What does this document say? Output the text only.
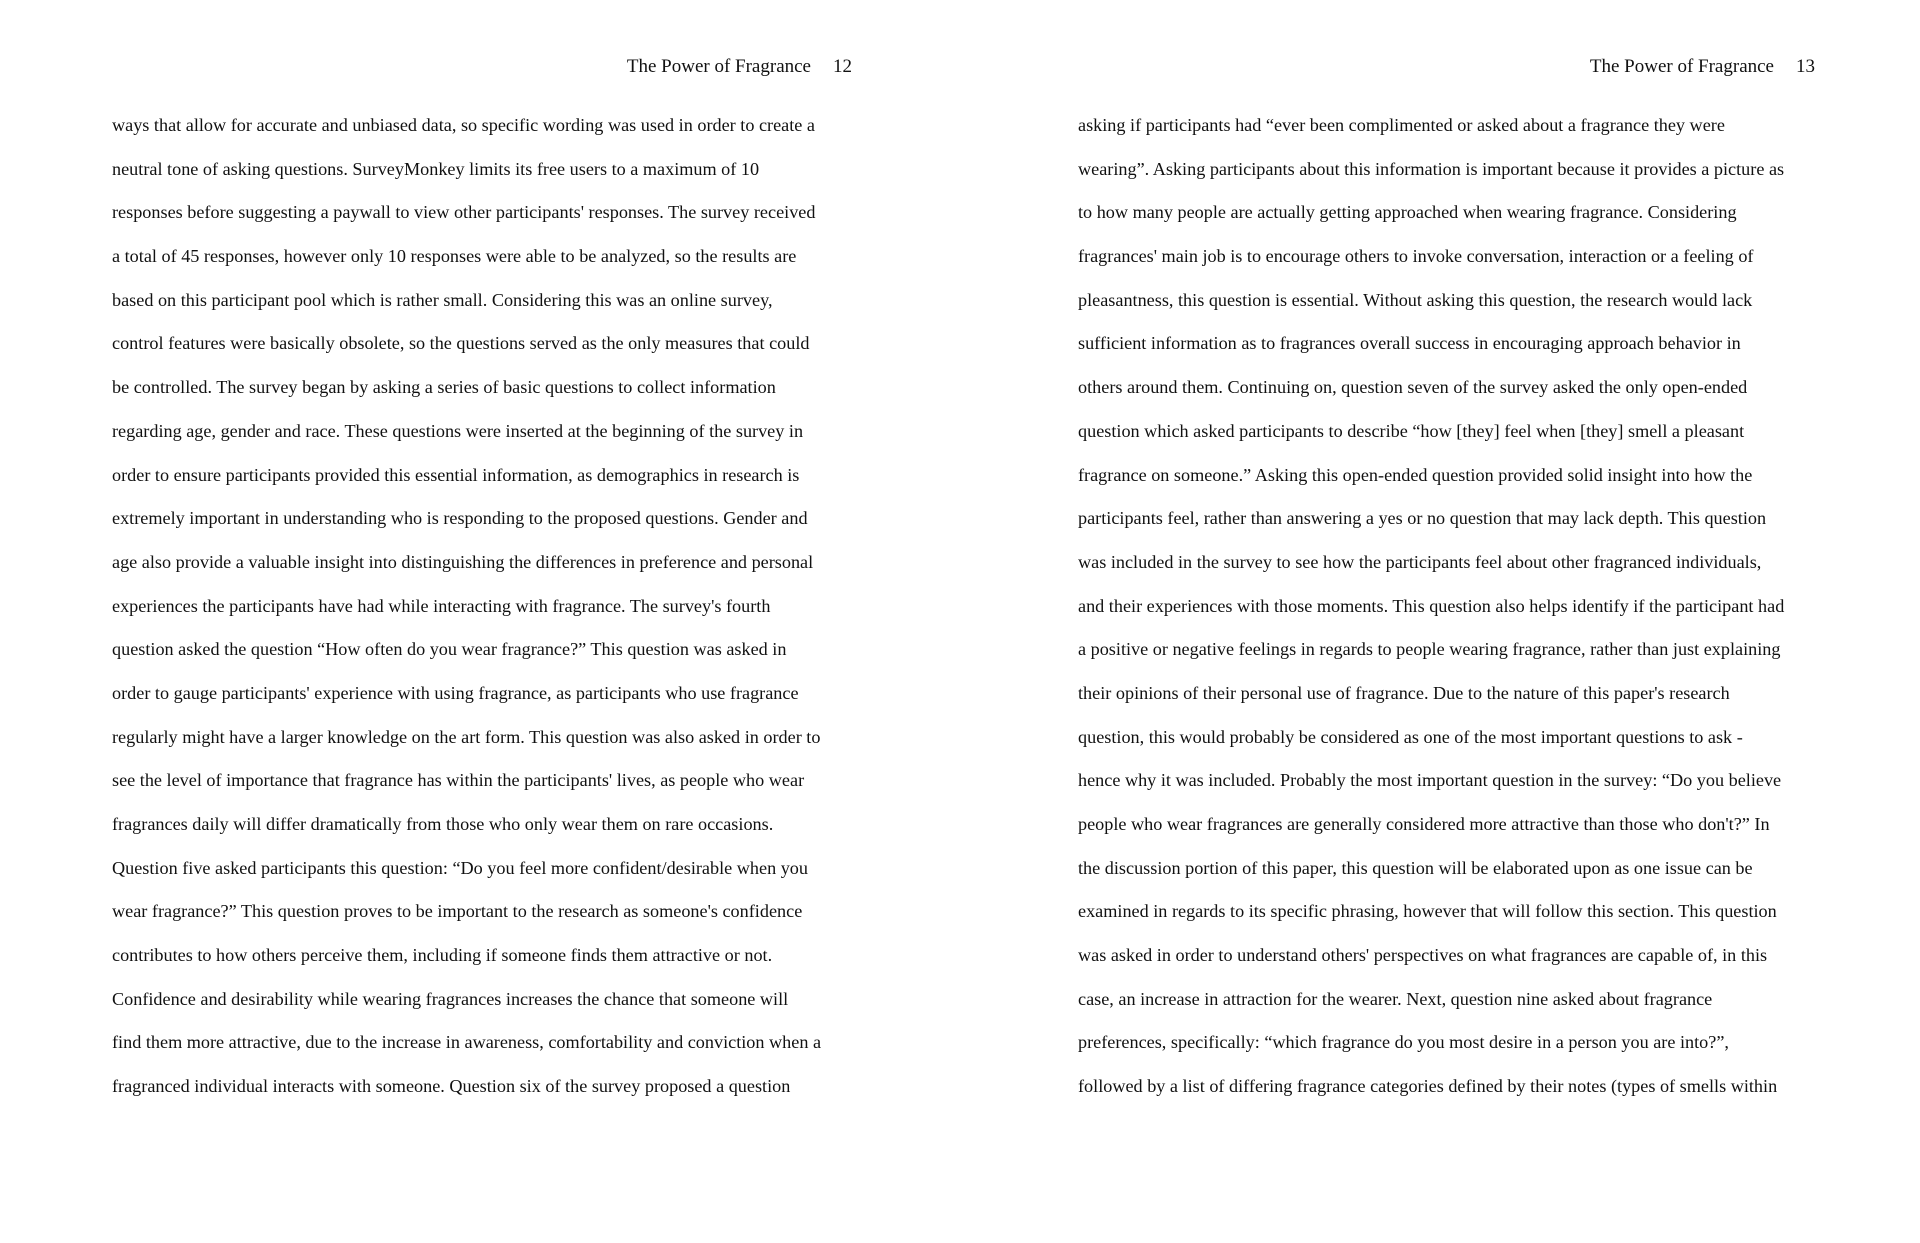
The Power of Fragrance 12
ways that allow for accurate and unbiased data, so specific wording was used in order to create a
neutral tone of asking questions. SurveyMonkey limits its free users to a maximum of 10
responses before suggesting a paywall to view other participants' responses. The survey received
a total of 45 responses, however only 10 responses were able to be analyzed, so the results are
based on this participant pool which is rather small. Considering this was an online survey,
control features were basically obsolete, so the questions served as the only measures that could
be controlled. The survey began by asking a series of basic questions to collect information
regarding age, gender and race. These questions were inserted at the beginning of the survey in
order to ensure participants provided this essential information, as demographics in research is
extremely important in understanding who is responding to the proposed questions. Gender and
age also provide a valuable insight into distinguishing the differences in preference and personal
experiences the participants have had while interacting with fragrance. The survey's fourth
question asked the question “How often do you wear fragrance?” This question was asked in
order to gauge participants' experience with using fragrance, as participants who use fragrance
regularly might have a larger knowledge on the art form. This question was also asked in order to
see the level of importance that fragrance has within the participants' lives, as people who wear
fragrances daily will differ dramatically from those who only wear them on rare occasions.
Question five asked participants this question: “Do you feel more confident/desirable when you
wear fragrance?” This question proves to be important to the research as someone's confidence
contributes to how others perceive them, including if someone finds them attractive or not.
Confidence and desirability while wearing fragrances increases the chance that someone will
find them more attractive, due to the increase in awareness, comfortability and conviction when a
fragranced individual interacts with someone. Question six of the survey proposed a question
The Power of Fragrance 13
asking if participants had “ever been complimented or asked about a fragrance they were
wearing”. Asking participants about this information is important because it provides a picture as
to how many people are actually getting approached when wearing fragrance. Considering
fragrances' main job is to encourage others to invoke conversation, interaction or a feeling of
pleasantness, this question is essential. Without asking this question, the research would lack
sufficient information as to fragrances overall success in encouraging approach behavior in
others around them. Continuing on, question seven of the survey asked the only open-ended
question which asked participants to describe “how [they] feel when [they] smell a pleasant
fragrance on someone.” Asking this open-ended question provided solid insight into how the
participants feel, rather than answering a yes or no question that may lack depth. This question
was included in the survey to see how the participants feel about other fragranced individuals,
and their experiences with those moments. This question also helps identify if the participant had
a positive or negative feelings in regards to people wearing fragrance, rather than just explaining
their opinions of their personal use of fragrance. Due to the nature of this paper's research
question, this would probably be considered as one of the most important questions to ask -
hence why it was included. Probably the most important question in the survey: “Do you believe
people who wear fragrances are generally considered more attractive than those who don't?” In
the discussion portion of this paper, this question will be elaborated upon as one issue can be
examined in regards to its specific phrasing, however that will follow this section. This question
was asked in order to understand others' perspectives on what fragrances are capable of, in this
case, an increase in attraction for the wearer. Next, question nine asked about fragrance
preferences, specifically: “which fragrance do you most desire in a person you are into?”,
followed by a list of differing fragrance categories defined by their notes (types of smells within
